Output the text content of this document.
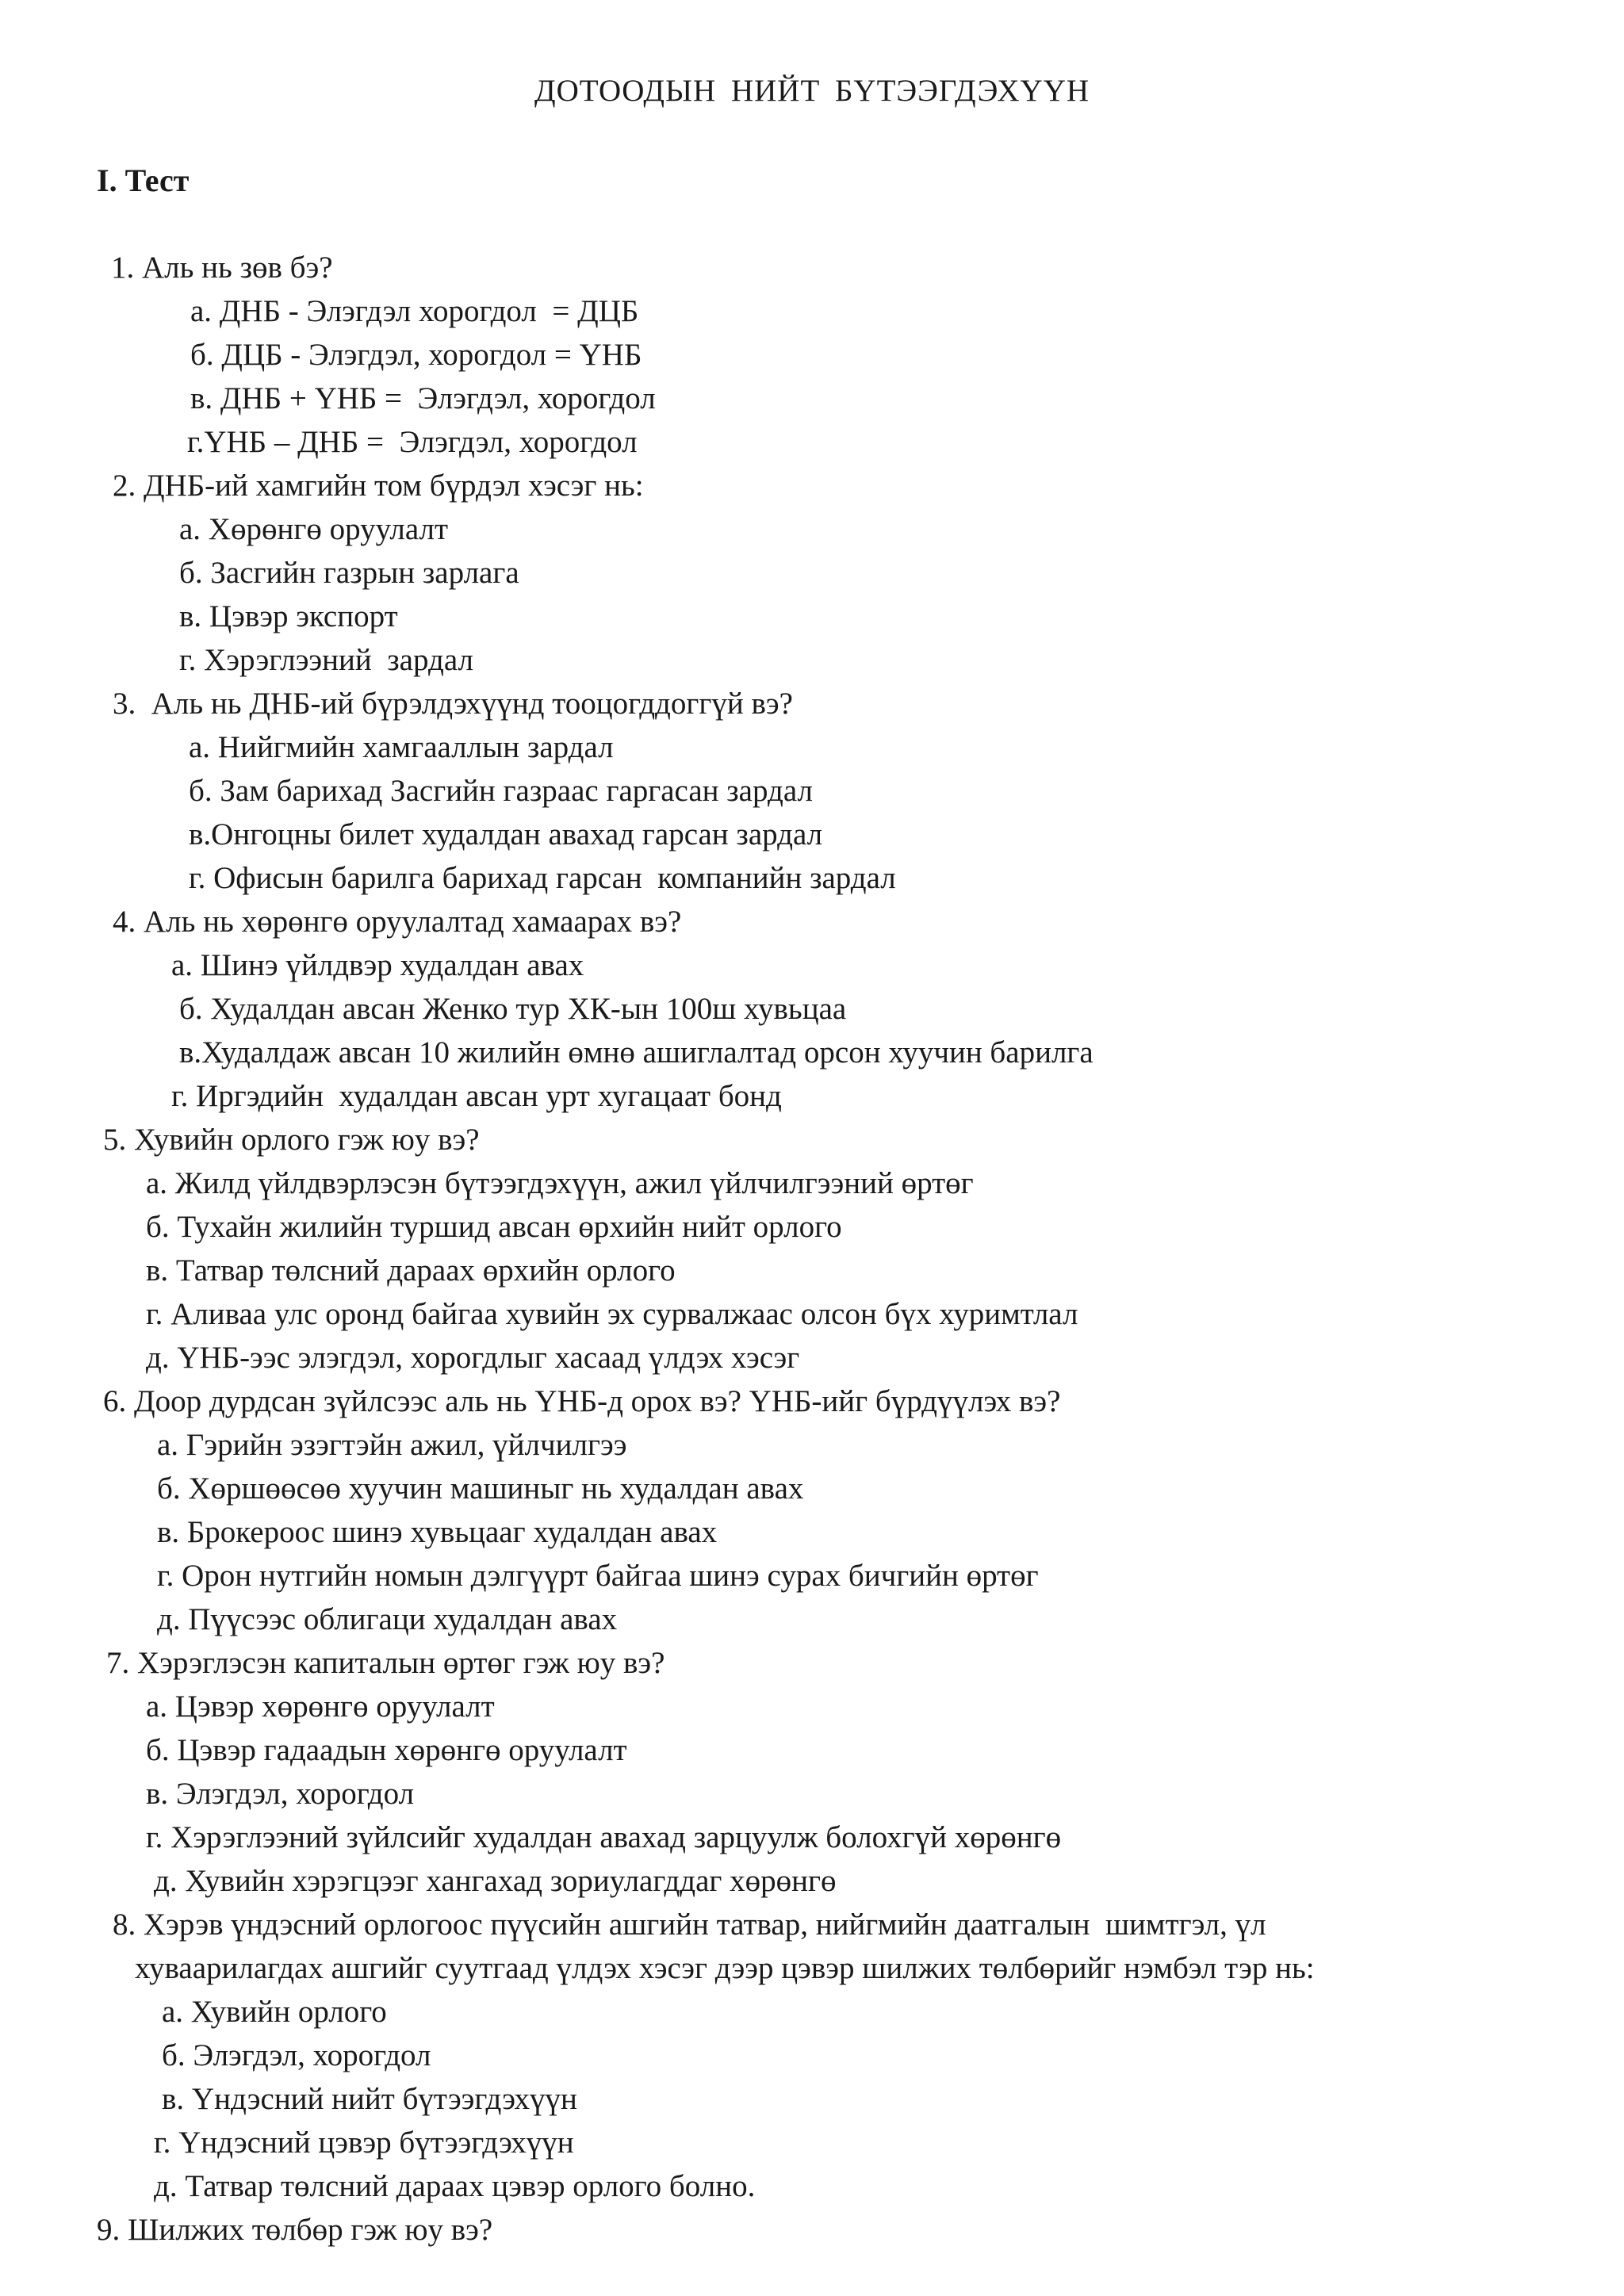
ДОТООДЫН НИЙТ БҮТЭЭГДЭХҮҮН
I. Тест
1. Аль нь зөв бэ?
а. ДНБ - Элэгдэл хорогдол  = ДЦБ
б. ДЦБ - Элэгдэл, хорогдол = ҮНБ
в. ДНБ + ҮНБ =  Элэгдэл, хорогдол
г.ҮНБ – ДНБ =  Элэгдэл, хорогдол
2. ДНБ-ий хамгийн том бүрдэл хэсэг нь:
а. Хөрөнгө оруулалт
б. Засгийн газрын зарлага
в. Цэвэр экспорт
г. Хэрэглээний  зардал
3.  Аль нь ДНБ-ий бүрэлдэхүүнд тооцогддоггүй вэ?
а. Нийгмийн хамгааллын зардал
б. Зам барихад Засгийн газраас гаргасан зардал
в.Онгоцны билет худалдан авахад гарсан зардал
г. Офисын барилга барихад гарсан  компанийн зардал
4. Аль нь хөрөнгө оруулалтад хамаарах вэ?
а. Шинэ үйлдвэр худалдан авах
б. Худалдан авсан Женко тур ХК-ын 100ш хувьцаа
в.Худалдаж авсан 10 жилийн өмнө ашиглалтад орсон хуучин барилга
г. Иргэдийн  худалдан авсан урт хугацаат бонд
5. Хувийн орлого гэж юу вэ?
а. Жилд үйлдвэрлэсэн бүтээгдэхүүн, ажил үйлчилгээний өртөг
б. Тухайн жилийн туршид авсан өрхийн нийт орлого
в. Татвар төлсний дараах өрхийн орлого
г. Аливаа улс оронд байгаа хувийн эх сурвалжаас олсон бүх хуримтлал
д. ҮНБ-ээс элэгдэл, хорогдлыг хасаад үлдэх хэсэг
6. Доор дурдсан зүйлсээс аль нь ҮНБ-д орох вэ? ҮНБ-ийг бүрдүүлэх вэ?
а. Гэрийн эзэгтэйн ажил, үйлчилгээ
б. Хөршөөсөө хуучин машиныг нь худалдан авах
в. Брокероос шинэ хувьцааг худалдан авах
г. Орон нутгийн номын дэлгүүрт байгаа шинэ сурах бичгийн өртөг
д. Пүүсээс облигаци худалдан авах
7. Хэрэглэсэн капиталын өртөг гэж юу вэ?
а. Цэвэр хөрөнгө оруулалт
б. Цэвэр гадаадын хөрөнгө оруулалт
в. Элэгдэл, хорогдол
г. Хэрэглээний зүйлсийг худалдан авахад зарцуулж болохгүй хөрөнгө
д. Хувийн хэрэгцээг хангахад зориулагддаг хөрөнгө
8. Хэрэв үндэсний орлогоос пүүсийн ашгийн татвар, нийгмийн даатгалын  шимтгэл, үл
хуваарилагдах ашгийг суутгаад үлдэх хэсэг дээр цэвэр шилжих төлбөрийг нэмбэл тэр нь:
а. Хувийн орлого
б. Элэгдэл, хорогдол
в. Үндэсний нийт бүтээгдэхүүн
г. Үндэсний цэвэр бүтээгдэхүүн
д. Татвар төлсний дараах цэвэр орлого болно.
9. Шилжих төлбөр гэж юу вэ?
